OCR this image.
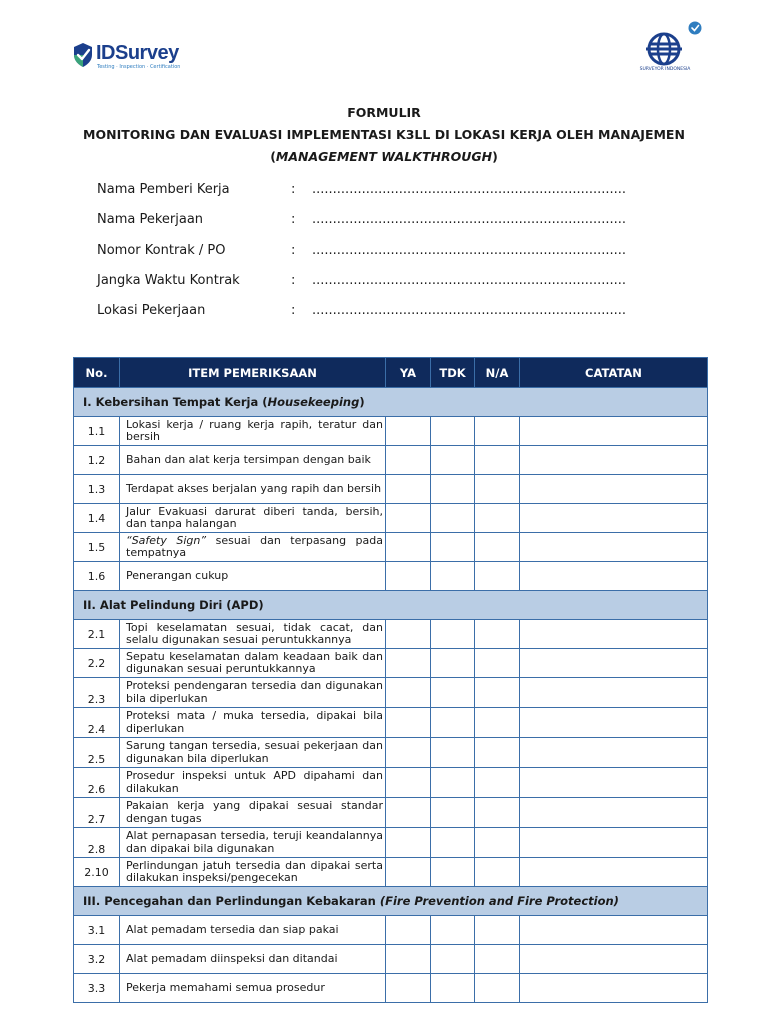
IDSurvey
Testing · Inspection · Certification	SURVEYOR INDONESIA
FORMULIR
MONITORING DAN EVALUASI IMPLEMENTASI K3LL DI LOKASI KERJA OLEH MANAJEMEN
(MANAGEMENT WALKTHROUGH)
Nama Pemberi Kerja	: ............................................................................
Nama Pekerjaan	: ............................................................................
Nomor Kontrak / PO	: ............................................................................
Jangka Waktu Kontrak	: ............................................................................
Lokasi Pekerjaan	: ............................................................................
No.	ITEM PEMERIKSAAN	YA	TDK	N/A	CATATAN
I. Kebersihan Tempat Kerja (Housekeeping)					
1.1	Lokasi kerja / ruang kerja rapih, teratur dan bersih				
1.2	Bahan dan alat kerja tersimpan dengan baik				
1.3	Terdapat akses berjalan yang rapih dan bersih				
1.4	Jalur Evakuasi darurat diberi tanda, bersih, dan tanpa halangan				
1.5	“Safety Sign” sesuai dan terpasang pada tempatnya				
1.6	Penerangan cukup				
II. Alat Pelindung Diri (APD)					
2.1	Topi keselamatan sesuai, tidak cacat, dan selalu digunakan sesuai peruntukkannya				
2.2	Sepatu keselamatan dalam keadaan baik dan digunakan sesuai peruntukkannya				
2.3	Proteksi pendengaran tersedia dan digunakan bila diperlukan				
2.4	Proteksi mata / muka tersedia, dipakai bila diperlukan				
2.5	Sarung tangan tersedia, sesuai pekerjaan dan digunakan bila diperlukan				
2.6	Prosedur inspeksi untuk APD dipahami dan dilakukan				
2.7	Pakaian kerja yang dipakai sesuai standar dengan tugas				
2.8	Alat pernapasan tersedia, teruji keandalannya dan dipakai bila digunakan				
2.10	Perlindungan jatuh tersedia dan dipakai serta dilakukan inspeksi/pengecekan				
III. Pencegahan dan Perlindungan Kebakaran (Fire Prevention and Fire Protection)					
3.1	Alat pemadam tersedia dan siap pakai				
3.2	Alat pemadam diinspeksi dan ditandai				
3.3	Pekerja memahami semua prosedur				
